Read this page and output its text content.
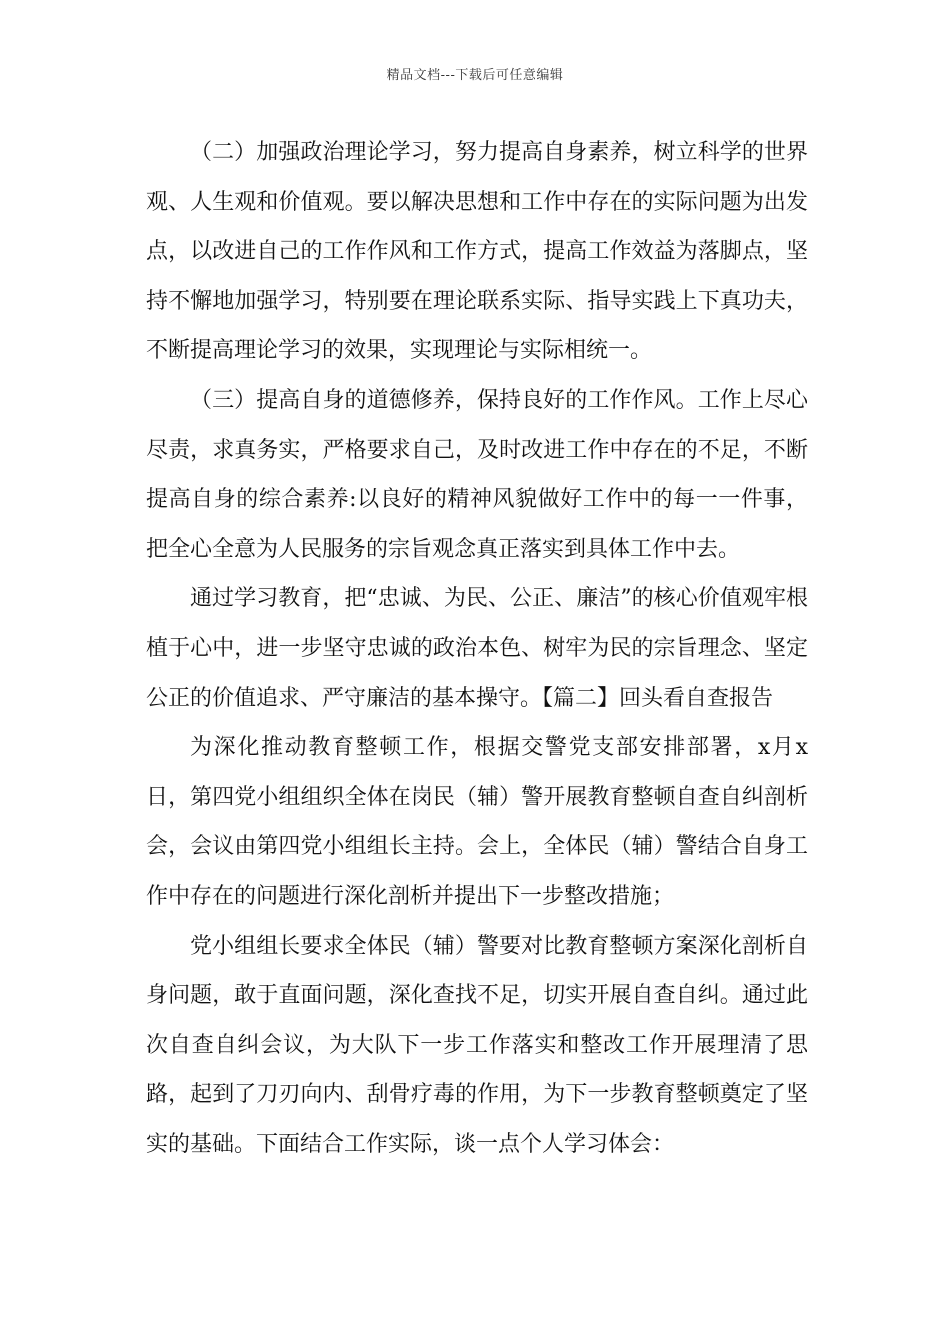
精品文档---下载后可任意编辑

（二）加强政治理论学习，努力提高自身素养，树立科学的世界观、人生观和价值观。要以解决思想和工作中存在的实际问题为出发点，以改进自己的工作作风和工作方式，提高工作效益为落脚点，坚持不懈地加强学习，特别要在理论联系实际、指导实践上下真功夫，不断提高理论学习的效果，实现理论与实际相统一。

（三）提高自身的道德修养，保持良好的工作作风。工作上尽心尽责，求真务实，严格要求自己，及时改进工作中存在的不足，不断提高自身的综合素养:以良好的精神风貌做好工作中的每一一件事，把全心全意为人民服务的宗旨观念真正落实到具体工作中去。

通过学习教育，把“忠诚、为民、公正、廉洁”的核心价值观牢根植于心中，进一步坚守忠诚的政治本色、树牢为民的宗旨理念、坚定公正的价值追求、严守廉洁的基本操守。【篇二】回头看自查报告

为深化推动教育整顿工作，根据交警党支部安排部署，x月x日，第四党小组组织全体在岗民（辅）警开展教育整顿自查自纠剖析会，会议由第四党小组组长主持。会上，全体民（辅）警结合自身工作中存在的问题进行深化剖析并提出下一步整改措施；

党小组组长要求全体民（辅）警要对比教育整顿方案深化剖析自身问题，敢于直面问题，深化查找不足，切实开展自查自纠。通过此次自查自纠会议，为大队下一步工作落实和整改工作开展理清了思路，起到了刀刃向内、刮骨疗毒的作用，为下一步教育整顿奠定了坚实的基础。下面结合工作实际，谈一点个人学习体会：
